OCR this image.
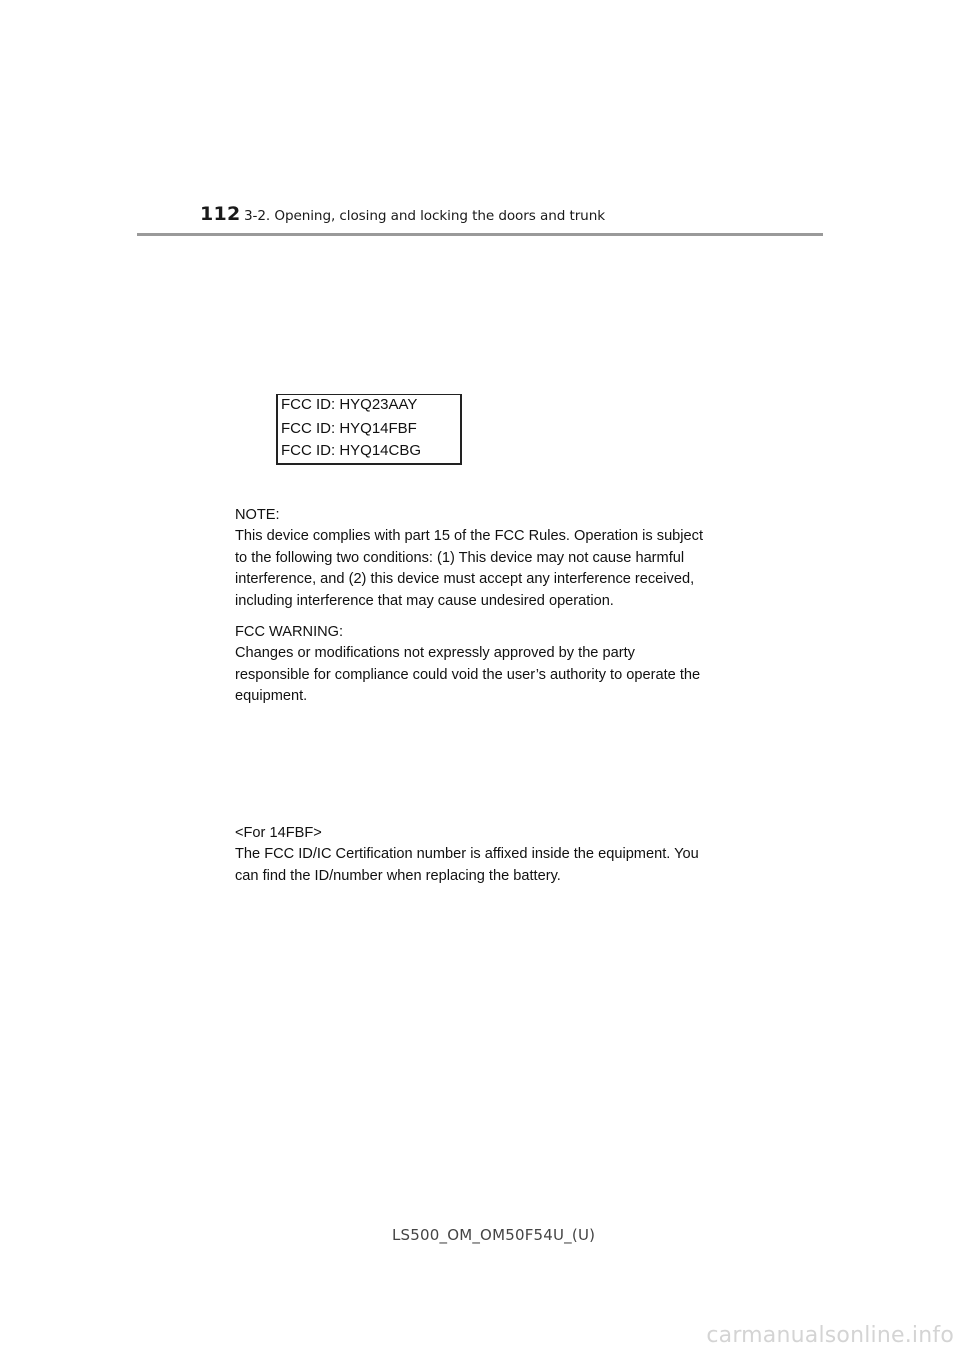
112 3-2. Opening, closing and locking the doors and trunk
FCC ID: HYQ23AAY
FCC ID: HYQ14FBF
FCC ID: HYQ14CBG
NOTE:
This device complies with part 15 of the FCC Rules. Operation is subject
to the following two conditions: (1) This device may not cause harmful
interference, and (2) this device must accept any interference received,
including interference that may cause undesired operation.
FCC WARNING:
Changes or modifications not expressly approved by the party
responsible for compliance could void the user’s authority to operate the
equipment.
<For 14FBF>
The FCC ID/IC Certification number is affixed inside the equipment. You
can find the ID/number when replacing the battery.
LS500_OM_OM50F54U_(U)
carmanualsonline.info
